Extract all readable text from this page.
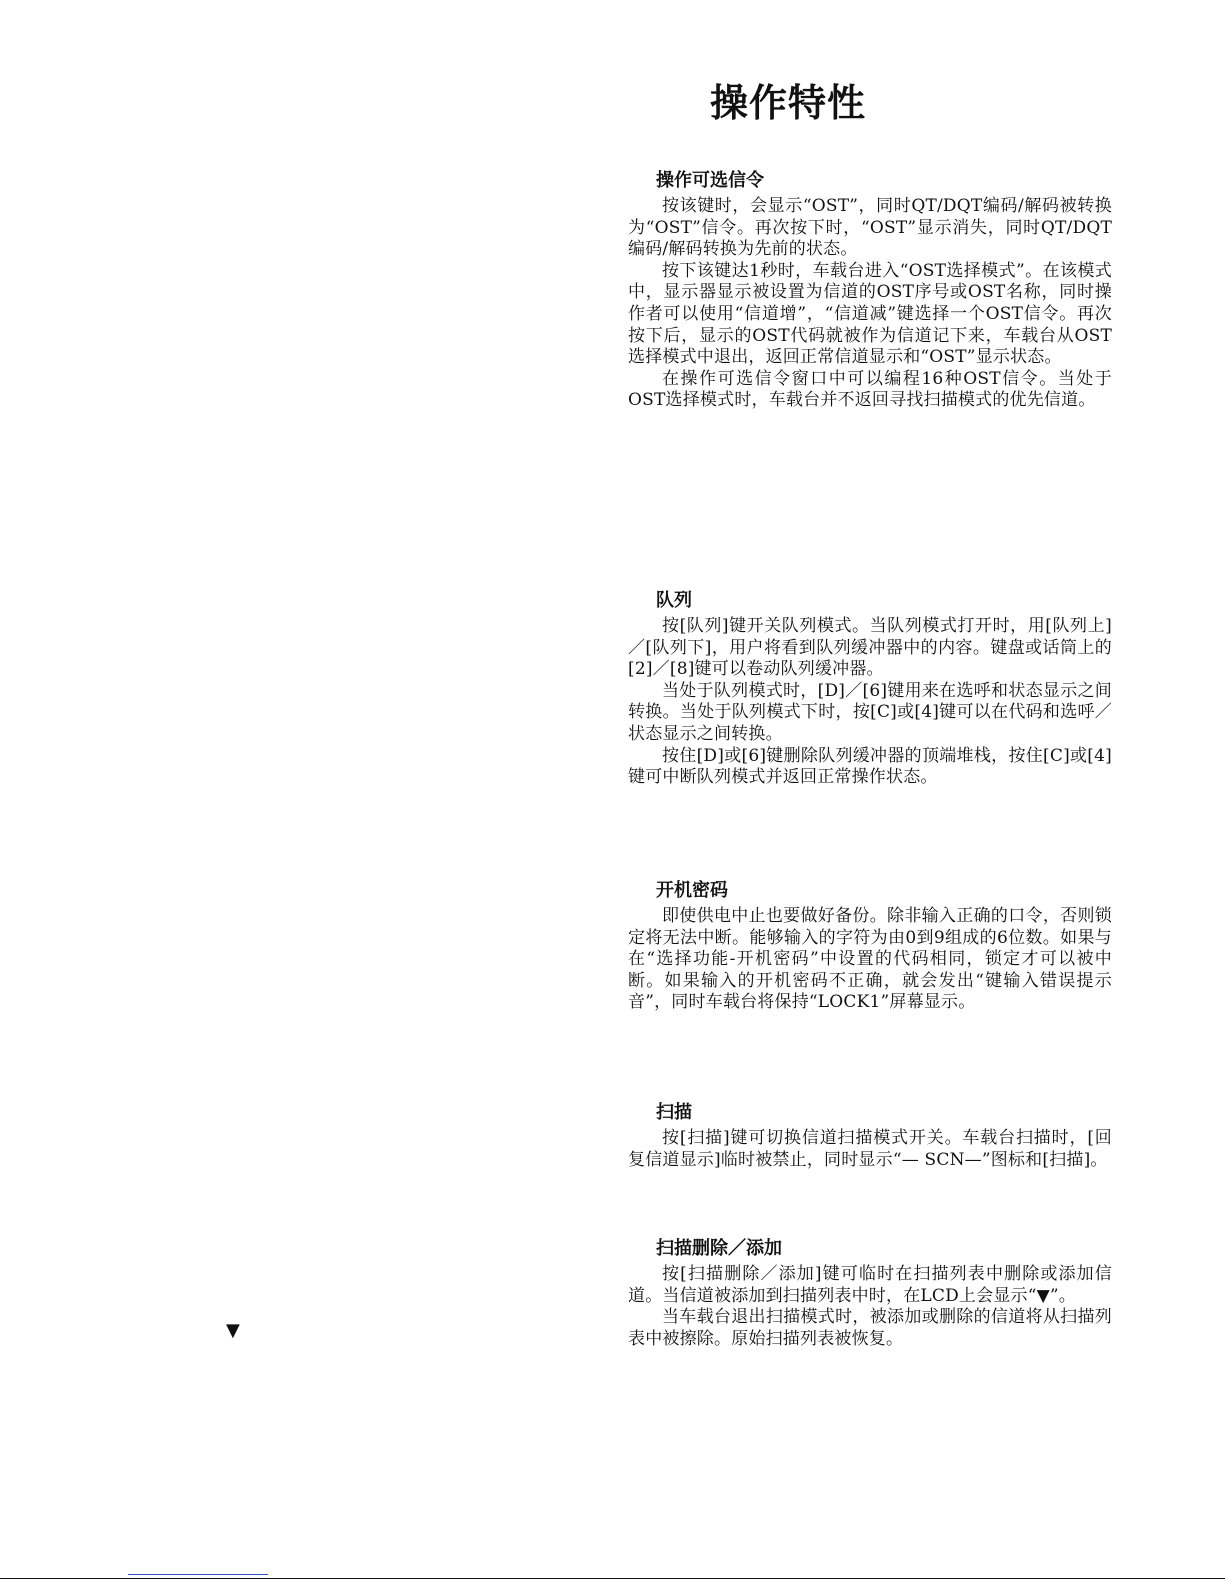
操作特性
操作可选信令

按该键时，会显示“OST”，同时QT/DQT编码/解码被转换为“OST”信令。再次按下时，“OST”显示消失，同时QT/DQT编码/解码转换为先前的状态。

按下该键达1秒时，车载台进入“OST选择模式”。在该模式中，显示器显示被设置为信道的OST序号或OST名称，同时操作者可以使用“信道增”，“信道减”键选择一个OST信令。再次按下后，显示的OST代码就被作为信道记下来，车载台从OST选择模式中退出，返回正常信道显示和“OST”显示状态。

在操作可选信令窗口中可以编程16种OST信令。当处于OST选择模式时，车载台并不返回寻找扫描模式的优先信道。

队列

按[队列]键开关队列模式。当队列模式打开时，用[队列上]／[队列下]，用户将看到队列缓冲器中的内容。键盘或话筒上的[2]／[8]键可以卷动队列缓冲器。

当处于队列模式时，[D]／[6]键用来在选呼和状态显示之间转换。当处于队列模式下时，按[C]或[4]键可以在代码和选呼／状态显示之间转换。

按住[D]或[6]键删除队列缓冲器的顶端堆栈，按住[C]或[4]键可中断队列模式并返回正常操作状态。

开机密码

即使供电中止也要做好备份。除非输入正确的口令，否则锁定将无法中断。能够输入的字符为由0到9组成的6位数。如果与在“选择功能-开机密码”中设置的代码相同，锁定才可以被中断。如果输入的开机密码不正确，就会发出“键输入错误提示音”，同时车载台将保持“LOCK1”屏幕显示。

扫描

按[扫描]键可切换信道扫描模式开关。车载台扫描时，[回复信道显示]临时被禁止，同时显示“— SCN—”图标和[扫描]。

扫描删除／添加

按[扫描删除／添加]键可临时在扫描列表中删除或添加信道。当信道被添加到扫描列表中时，在LCD上会显示“▼”。

当车载台退出扫描模式时，被添加或删除的信道将从扫描列表中被擦除。原始扫描列表被恢复。

▼
